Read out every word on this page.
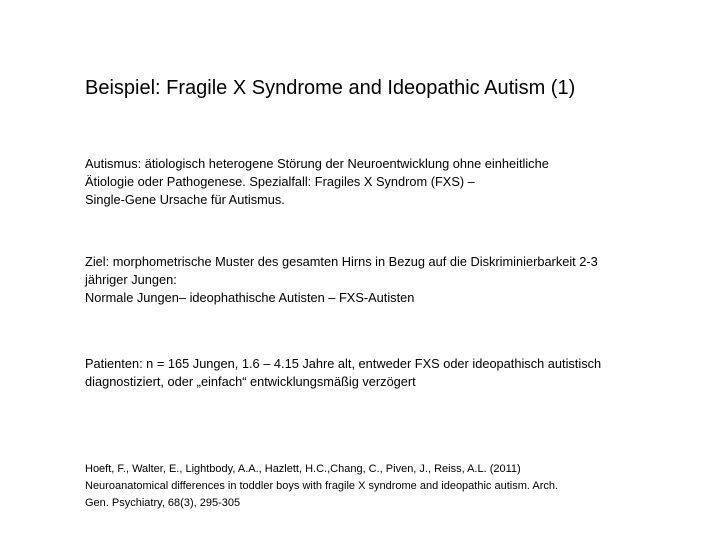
Beispiel: Fragile X Syndrome and Ideopathic Autism (1)
Autismus: ätiologisch heterogene Störung der Neuroentwicklung ohne einheitliche
Ätiologie oder Pathogenese. Spezialfall: Fragiles X Syndrom (FXS) –
Single-Gene Ursache für Autismus.
Ziel: morphometrische Muster des gesamten Hirns in Bezug auf die Diskriminierbarkeit 2-3
jähriger Jungen:
Normale Jungen– ideophathische Autisten – FXS-Autisten
Patienten: n = 165 Jungen, 1.6 – 4.15 Jahre alt, entweder FXS oder ideopathisch autistisch
diagnostiziert, oder „einfach“ entwicklungsmäßig verzögert
Hoeft, F., Walter, E., Lightbody, A.A., Hazlett, H.C.,Chang, C., Piven, J., Reiss, A.L. (2011)
Neuroanatomical differences in toddler boys with fragile X syndrome and ideopathic autism. Arch.
Gen. Psychiatry, 68(3), 295-305
